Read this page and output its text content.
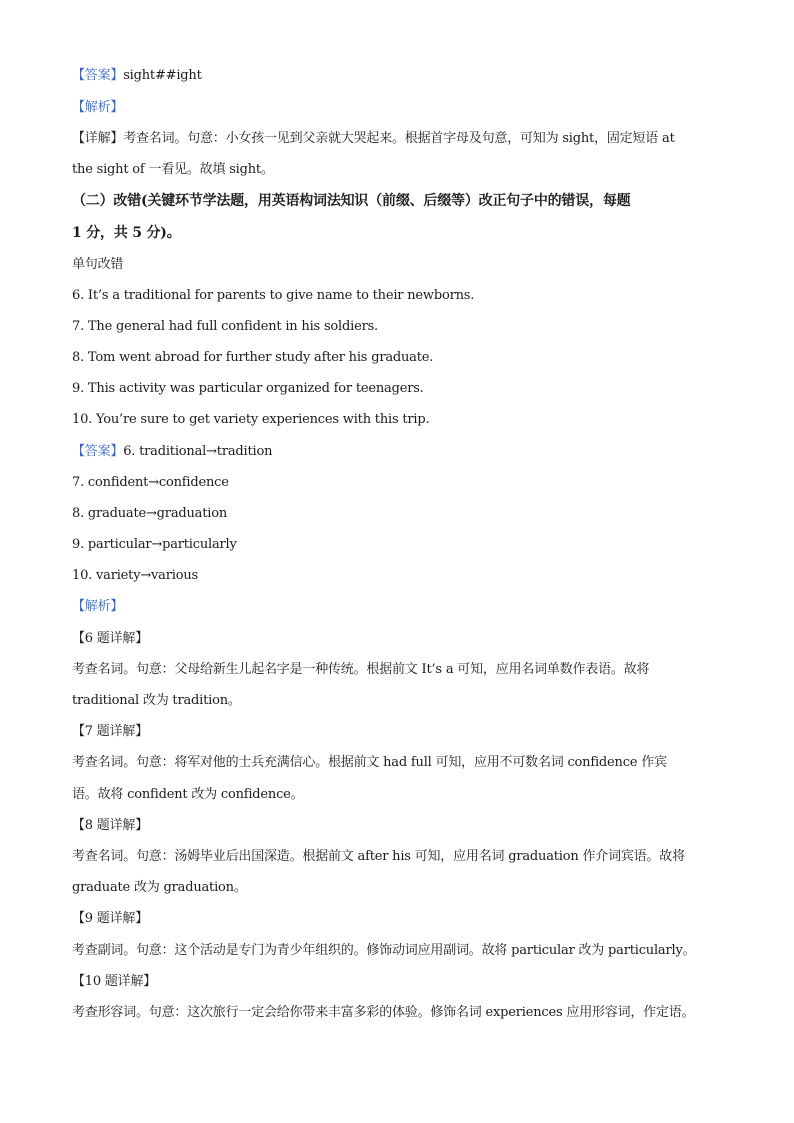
【答案】sight##ight
【解析】
【详解】考查名词。句意：小女孩一见到父亲就大哭起来。根据首字母及句意，可知为 sight，固定短语 at
the sight of 一看见。故填 sight。
（二）改错(关键环节学法题，用英语构词法知识（前缀、后缀等）改正句子中的错误，每题
1 分，共 5 分)。
单句改错
6. It’s a traditional for parents to give name to their newborns.
7. The general had full confident in his soldiers.
8. Tom went abroad for further study after his graduate.
9. This activity was particular organized for teenagers.
10. You’re sure to get variety experiences with this trip.
【答案】6. traditional→tradition
7. confident→confidence
8. graduate→graduation
9. particular→particularly
10. variety→various
【解析】
【6 题详解】
考查名词。句意：父母给新生儿起名字是一种传统。根据前文 It’s a 可知，应用名词单数作表语。故将
traditional 改为 tradition。
【7 题详解】
考查名词。句意：将军对他的士兵充满信心。根据前文 had full 可知，应用不可数名词 confidence 作宾
语。故将 confident 改为 confidence。
【8 题详解】
考查名词。句意：汤姆毕业后出国深造。根据前文 after his 可知，应用名词 graduation 作介词宾语。故将
graduate 改为 graduation。
【9 题详解】
考查副词。句意：这个活动是专门为青少年组织的。修饰动词应用副词。故将 particular 改为 particularly。
【10 题详解】
考查形容词。句意：这次旅行一定会给你带来丰富多彩的体验。修饰名词 experiences 应用形容词，作定语。
